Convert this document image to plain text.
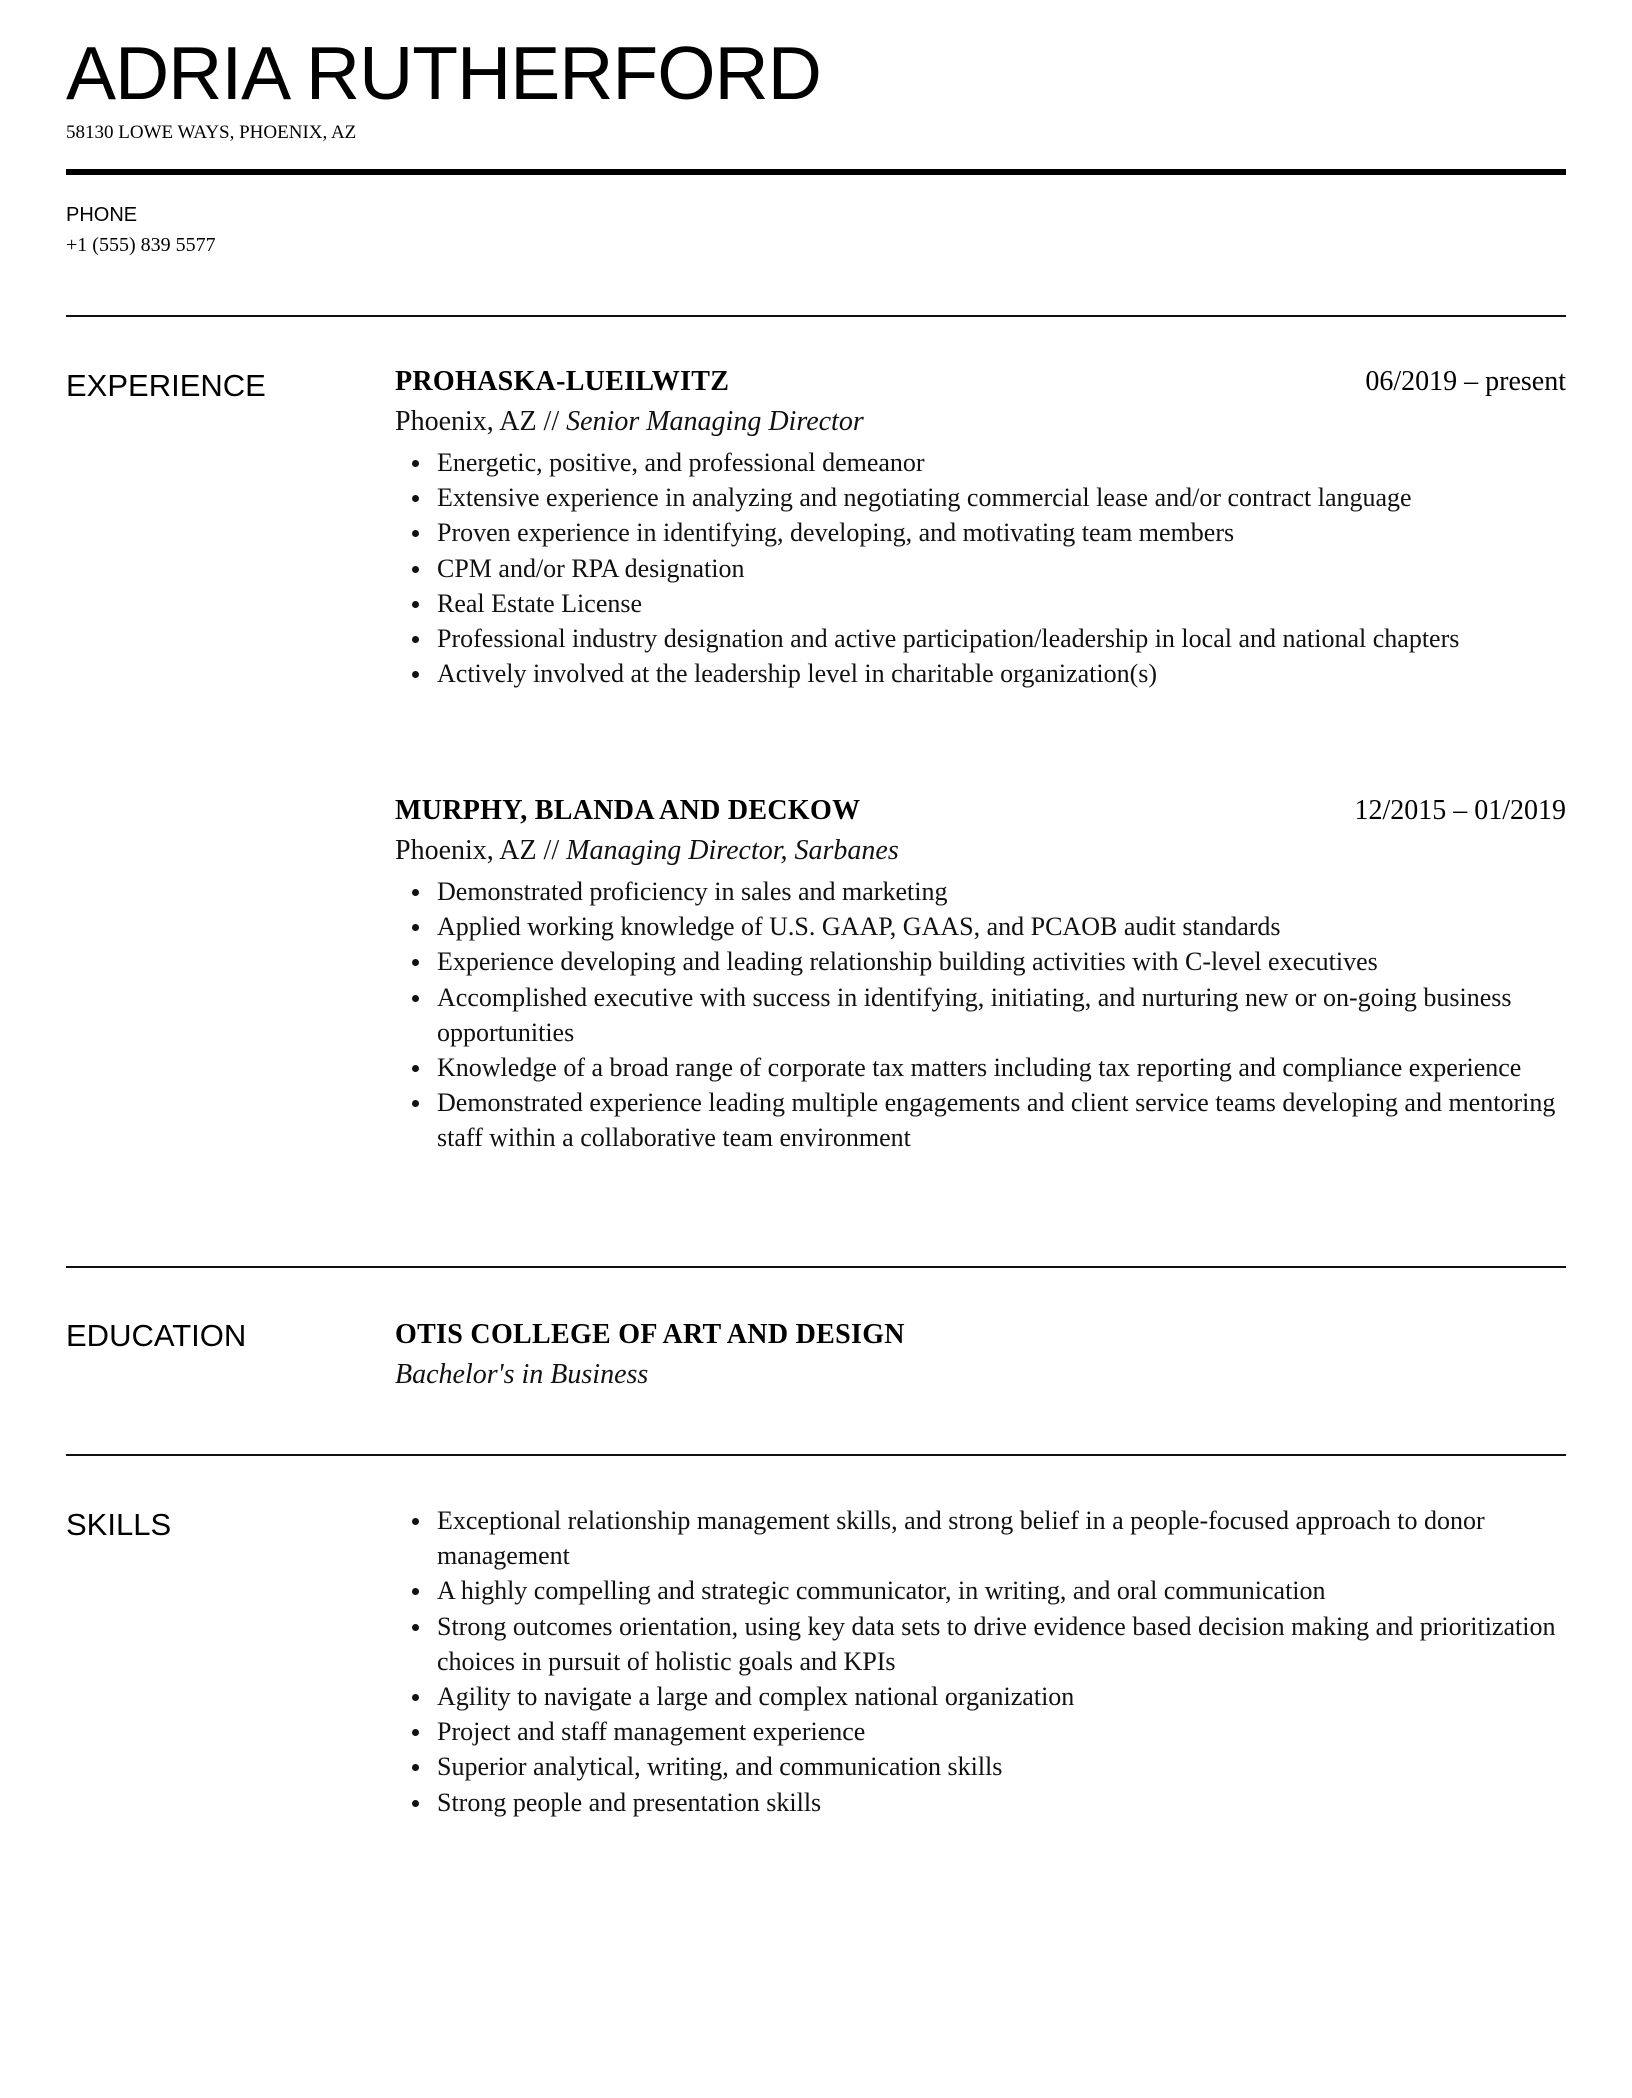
ADRIA RUTHERFORD
58130 LOWE WAYS, PHOENIX, AZ
PHONE
+1 (555) 839 5577
EXPERIENCE	PROHASKA-LUEILWITZ	06/2019 – present
Phoenix, AZ // Senior Managing Director
Energetic, positive, and professional demeanor
Extensive experience in analyzing and negotiating commercial lease and/or contract language
Proven experience in identifying, developing, and motivating team members
CPM and/or RPA designation
Real Estate License
Professional industry designation and active participation/leadership in local and national chapters
Actively involved at the leadership level in charitable organization(s)
MURPHY, BLANDA AND DECKOW	12/2015 – 01/2019
Phoenix, AZ // Managing Director, Sarbanes
Demonstrated proficiency in sales and marketing
Applied working knowledge of U.S. GAAP, GAAS, and PCAOB audit standards
Experience developing and leading relationship building activities with C-level executives
Accomplished executive with success in identifying, initiating, and nurturing new or on-going business opportunities
Knowledge of a broad range of corporate tax matters including tax reporting and compliance experience
Demonstrated experience leading multiple engagements and client service teams developing and mentoring staff within a collaborative team environment
EDUCATION	OTIS COLLEGE OF ART AND DESIGN
Bachelor's in Business
SKILLS	Exceptional relationship management skills, and strong belief in a people-focused approach to donor management
A highly compelling and strategic communicator, in writing, and oral communication
Strong outcomes orientation, using key data sets to drive evidence based decision making and prioritization choices in pursuit of holistic goals and KPIs
Agility to navigate a large and complex national organization
Project and staff management experience
Superior analytical, writing, and communication skills
Strong people and presentation skills
